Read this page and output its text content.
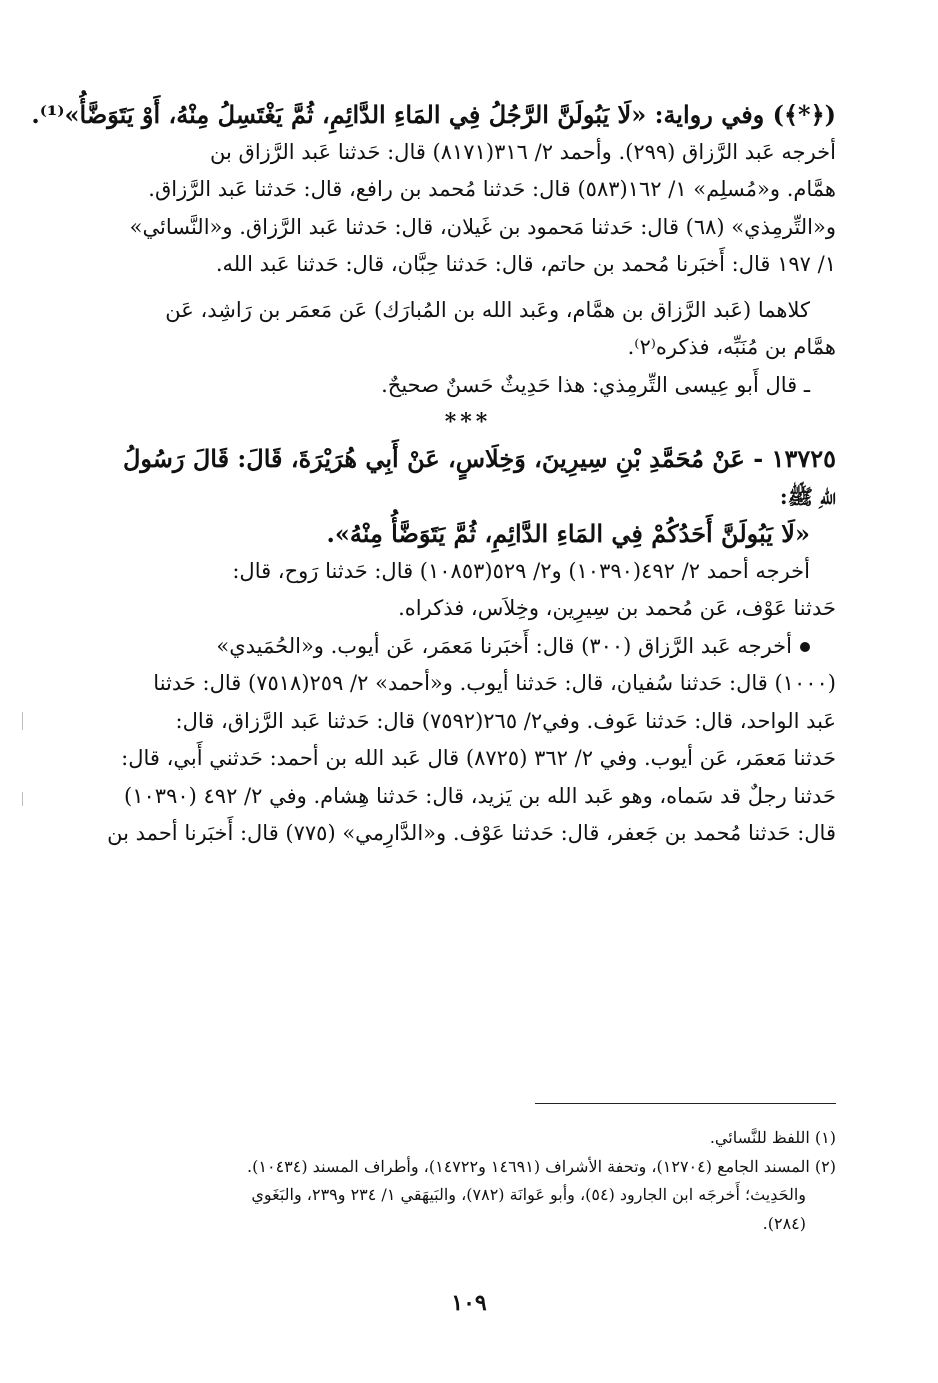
(﴿*﴾) وفي رواية: «لَا يَبُولَنَّ الرَّجُلُ فِي المَاءِ الدَّائِمِ، ثُمَّ يَغْتَسِلُ مِنْهُ، أَوْ يَتَوَضَّأُ»⁽¹⁾.
أخرجه عَبد الرَّزاق (٢٩٩). وأحمد ٢/ ٣١٦(٨١٧١) قال: حَدثنا عَبد الرَّزاق بن
همَّام. و«مُسلِم» ١/ ١٦٢(٥٨٣) قال: حَدثنا مُحمد بن رافع، قال: حَدثنا عَبد الرَّزاق.
و«التِّرمِذي» (٦٨) قال: حَدثنا مَحمود بن غَيلان، قال: حَدثنا عَبد الرَّزاق. و«النَّسائي»
١/ ١٩٧ قال: أَخبَرنا مُحمد بن حاتم، قال: حَدثنا حِبَّان، قال: حَدثنا عَبد الله.
كلاهما (عَبد الرَّزاق بن همَّام، وعَبد الله بن المُبارَك) عَن مَعمَر بن رَاشِد، عَن
همَّام بن مُنَبِّه، فذكره⁽٢⁾.
ـ قال أَبو عِيسى التِّرمِذي: هذا حَدِيثٌ حَسنٌ صحيحٌ.
***
١٣٧٢٥ - عَنْ مُحَمَّدِ بْنِ سِيرِينَ، وَخِلَاسٍ، عَنْ أَبِي هُرَيْرَةَ، قَالَ: قَالَ رَسُولُ
اللهِ ﷺ:
«لَا يَبُولَنَّ أَحَدُكُمْ فِي المَاءِ الدَّائِمِ، ثُمَّ يَتَوَضَّأُ مِنْهُ».
أخرجه أحمد ٢/ ٤٩٢(١٠٣٩٠) و٢/ ٥٢٩(١٠٨٥٣) قال: حَدثنا رَوح، قال:
حَدثنا عَوْف، عَن مُحمد بن سِيرِين، وخِلاَس، فذكراه.
أخرجه عَبد الرَّزاق (٣٠٠) قال: أَخبَرنا مَعمَر، عَن أيوب. و«الحُمَيدي»
(١٠٠٠) قال: حَدثنا سُفيان، قال: حَدثنا أيوب. و«أحمد» ٢/ ٢٥٩(٧٥١٨) قال: حَدثنا
عَبد الواحد، قال: حَدثنا عَوف. وفي٢/ ٢٦٥(٧٥٩٢) قال: حَدثنا عَبد الرَّزاق، قال:
حَدثنا مَعمَر، عَن أيوب. وفي ٢/ ٣٦٢ (٨٧٢٥) قال عَبد الله بن أحمد: حَدثني أَبي، قال:
حَدثنا رجلٌ قد سَماه، وهو عَبد الله بن يَزيد، قال: حَدثنا هِشام. وفي ٢/ ٤٩٢ (١٠٣٩٠)
قال: حَدثنا مُحمد بن جَعفر، قال: حَدثنا عَوْف. و«الدَّارِمي» (٧٧٥) قال: أَخبَرنا أحمد بن
(١) اللفظ للنَّسائي.
(٢) المسند الجامع (١٢٧٠٤)، وتحفة الأشراف (١٤٦٩١ و١٤٧٢٢)، وأطراف المسند (١٠٤٣٤).
والحَدِيث؛ أَخرجَه ابن الجارود (٥٤)، وأبو عَوانَة (٧٨٢)، والبَيهَقي ١/ ٢٣٤ و٢٣٩، والبَغَوي
(٢٨٤).
١٠٩
